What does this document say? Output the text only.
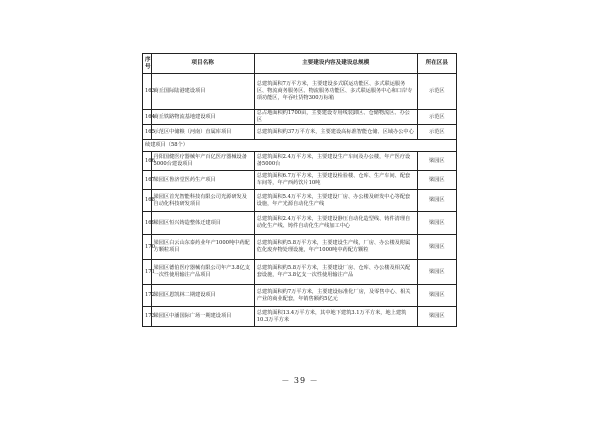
序号	项目名称	主要建设内容及建设总规模	所在区县
163	商丘国际陆港建设项目	总建筑面积7万平方米，主要建设多式联运功能区、多式联运服务区、物流商务服务区、物流服务功能区、多式联运服务中心和口岸专项功能区，年吞吐货物300万标箱	示范区
164	商丘铁路物流基地建设项目	总占地面积约1700亩，主要建设专用线装卸区、仓储物流区、办公区	示范区
165	示范区中储粮（河南）直属库项目	总建筑面积约37万平方米，主要建设高标准智能仓储、区域办公中心	示范区
续建项目（58个）			
166	丹阳国健医疗器械年产百亿医疗器械设备5000台建设项目	总建筑面积2.4万平方米，主要建设生产车间及办公楼，年产医疗设备5000台	梁园区
167	梁园区鲁济堂医药生产项目	总建筑面积6.7万平方米，主要建设检验楼、仓库、生产车间、配套车间等，年产西药饮片10吨	梁园区
168	梁园区首光智能科技有限公司光源研发及自动化科技研发项目	总建筑面积5.4万平方米，主要建设厂房、办公楼及研发中心等配套设施，年产光源自动化生产线	梁园区
169	梁园区恒兴铸造整体迁建项目	总建筑面积2.4万平方米，主要建设静压自动化造型线、铸件清理自动化生产线、铸件自动化生产线加工中心	梁园区
170	梁园区白云山东泰药业年产1000吨中药配方颗粒项目	总建筑面积约5.8万平方米，主要建设生产线，厂房、办公楼及附属危化废弃物处理设施，年产1000吨中药配方颗粒	梁园区
171	梁园区德伯医疗器械有限公司年产3.8亿支一次性使用输注产品项目	总建筑面积约5.8万平方米，主要建设厂房、仓库、办公楼及相关配套设施，年产3.8亿支一次性使用输注产品	梁园区
172	梁园区恩凯林二期建设项目	总建筑面积约7万平方米，主要建设标准化厂房，及零售中心、相关产业的商业配套，年销售额约5亿元	梁园区
173	梁园区中潘国际广场一期建设项目	总建筑面积13.4万平方米，其中地下建筑3.1万平方米，地上建筑10.3万平方米	梁园区
－ 39 －
